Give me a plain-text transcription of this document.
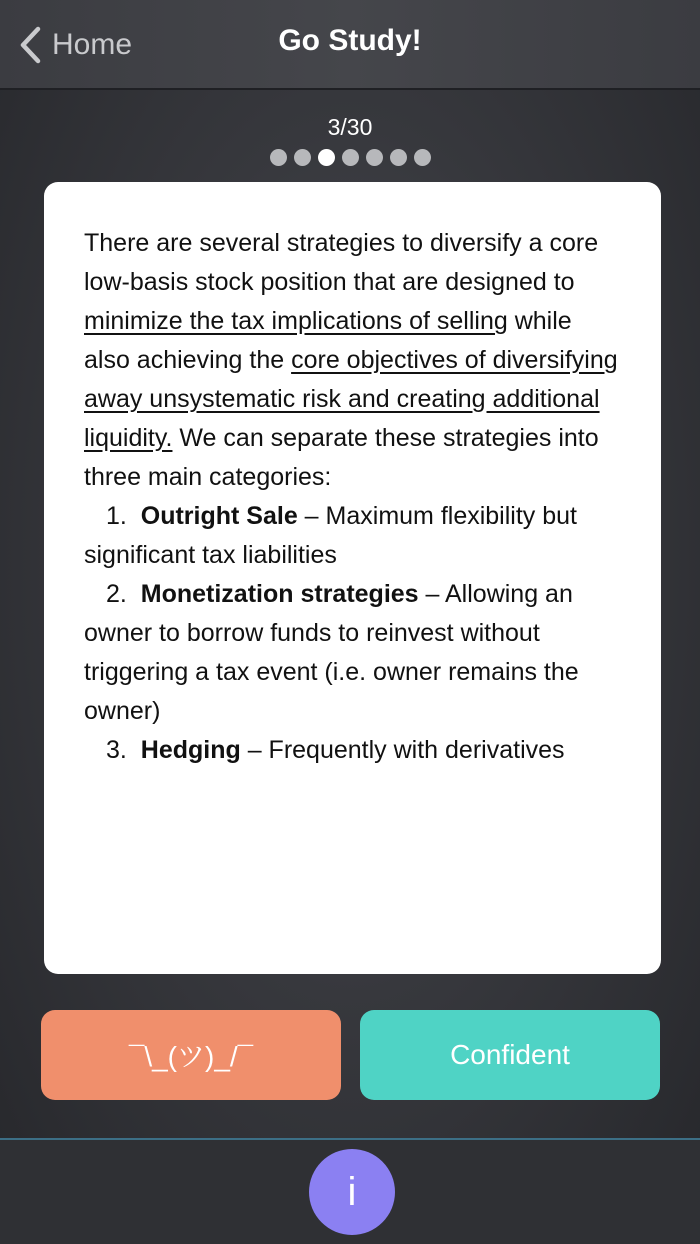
Home	Go Study!
3/30

There are several strategies to diversify a core low-basis stock position that are designed to minimize the tax implications of selling while also achieving the core objectives of diversifying away unsystematic risk and creating additional liquidity. We can separate these strategies into three main categories:

1. Outright Sale – Maximum flexibility but significant tax liabilities

2. Monetization strategies – Allowing an owner to borrow funds to reinvest without triggering a tax event (i.e. owner remains the owner)

3. Hedging – Frequently with derivatives

¯\_(ツ)_/¯	Confident
i
